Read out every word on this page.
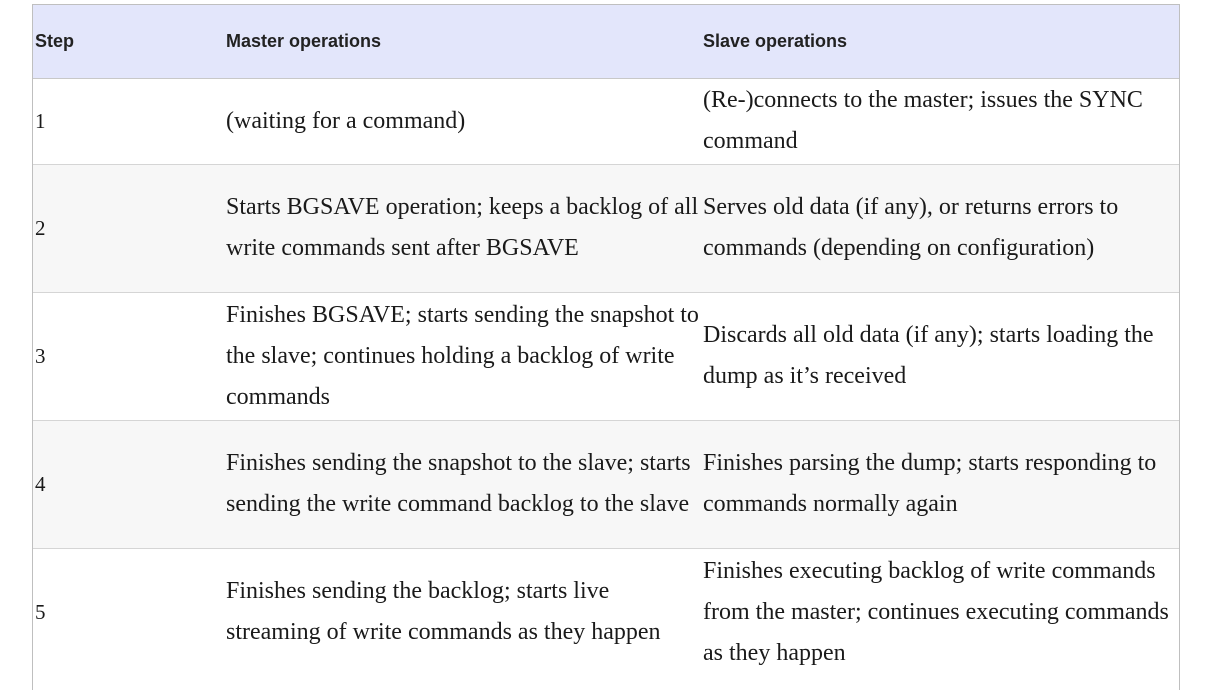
Step	Master operations	Slave operations
1	(waiting for a command)	(Re-)connects to the master; issues the SYNC command
2	Starts BGSAVE operation; keeps a backlog of all write commands sent after BGSAVE	Serves old data (if any), or returns errors to commands (depending on configuration)
3	Finishes BGSAVE; starts sending the snapshot to the slave; continues holding a backlog of write commands	Discards all old data (if any); starts loading the dump as it’s received
4	Finishes sending the snapshot to the slave; starts sending the write command backlog to the slave	Finishes parsing the dump; starts responding to commands normally again
5	Finishes sending the backlog; starts live streaming of write commands as they happen	Finishes executing backlog of write commands from the master; continues executing commands as they happen
